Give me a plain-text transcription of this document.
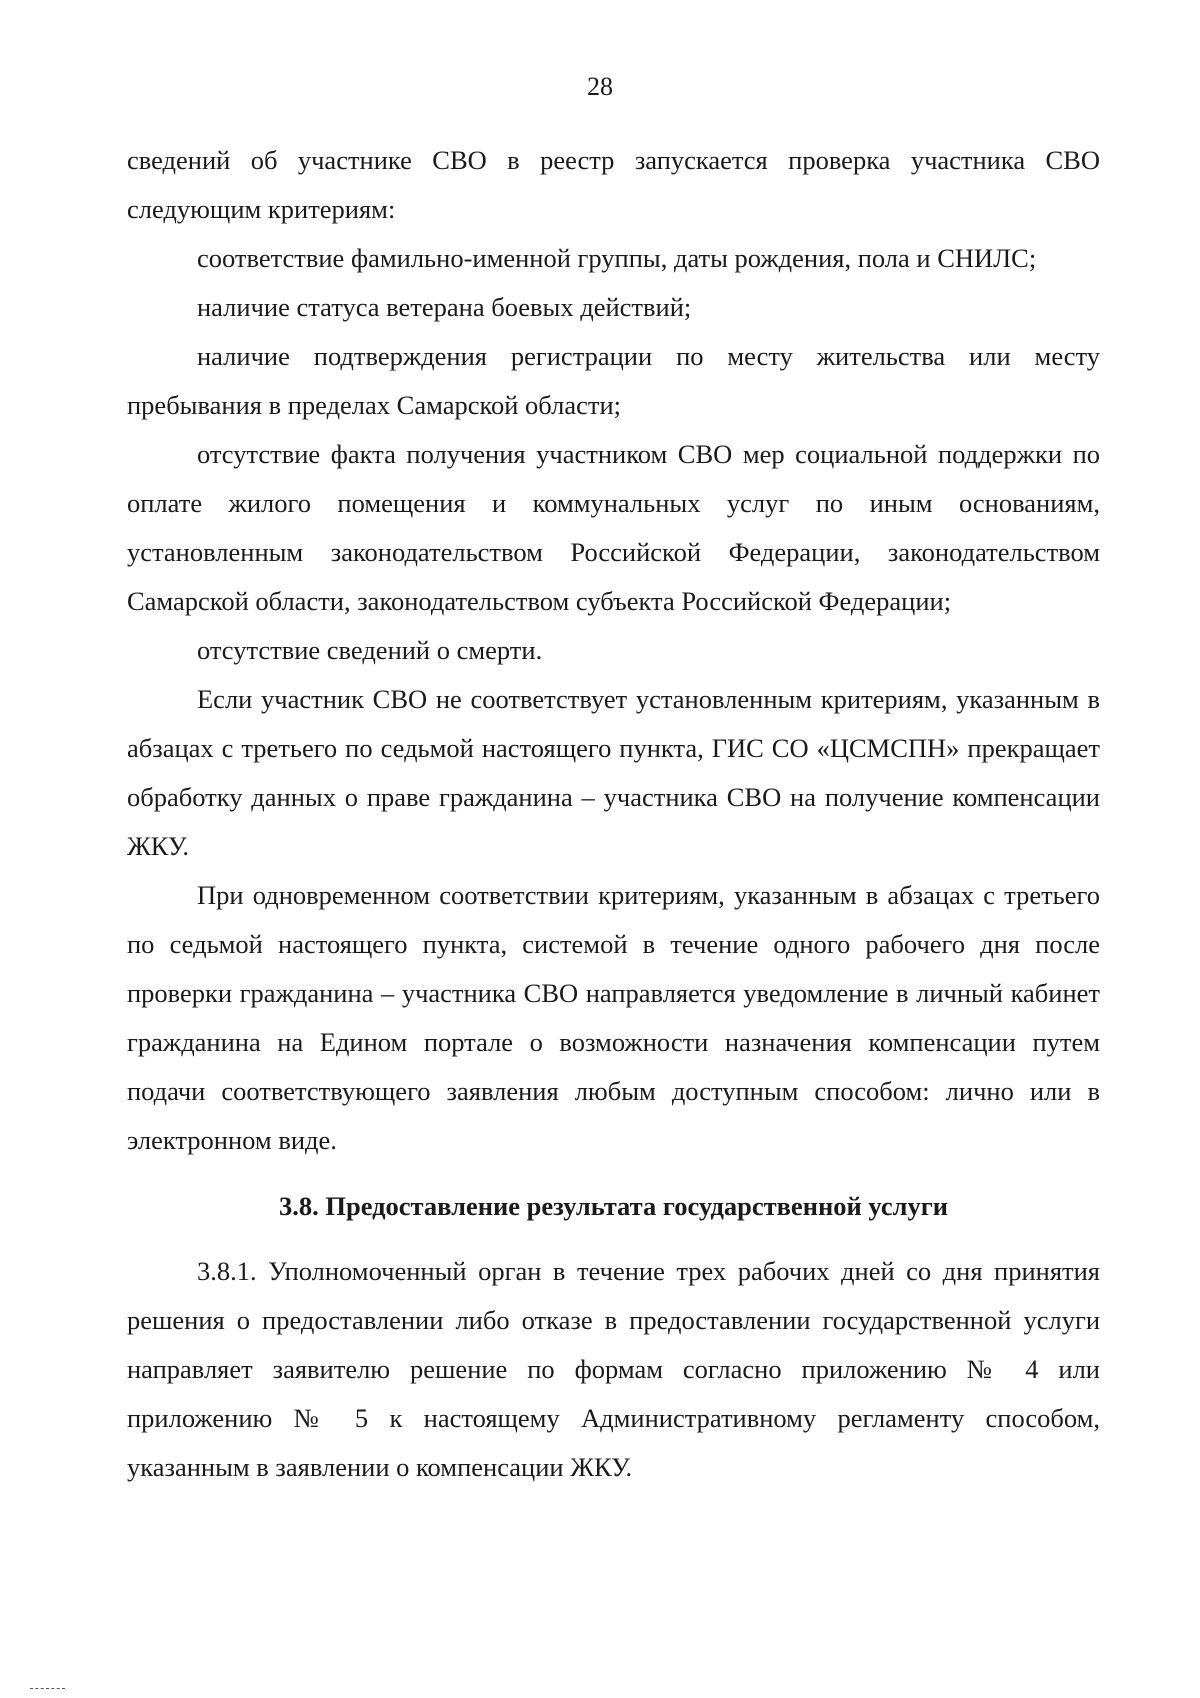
28

сведений об участнике СВО в реестр запускается проверка участника СВО следующим критериям:

соответствие фамильно-именной группы, даты рождения, пола и СНИЛС;

наличие статуса ветерана боевых действий;

наличие подтверждения регистрации по месту жительства или месту пребывания в пределах Самарской области;

отсутствие факта получения участником СВО мер социальной поддержки по оплате жилого помещения и коммунальных услуг по иным основаниям, установленным законодательством Российской Федерации, законодательством Самарской области, законодательством субъекта Российской Федерации;

отсутствие сведений о смерти.

Если участник СВО не соответствует установленным критериям, указанным в абзацах с третьего по седьмой настоящего пункта, ГИС СО «ЦСМСПН» прекращает обработку данных о праве гражданина – участника СВО на получение компенсации ЖКУ.

При одновременном соответствии критериям, указанным в абзацах с третьего по седьмой настоящего пункта, системой в течение одного рабочего дня после проверки гражданина – участника СВО направляется уведомление в личный кабинет гражданина на Едином портале о возможности назначения компенсации путем подачи соответствующего заявления любым доступным способом: лично или в электронном виде.

3.8. Предоставление результата государственной услуги

3.8.1. Уполномоченный орган в течение трех рабочих дней со дня принятия решения о предоставлении либо отказе в предоставлении государственной услуги направляет заявителю решение по формам согласно приложению № 4 или приложению № 5 к настоящему Административному регламенту способом, указанным в заявлении о компенсации ЖКУ.
